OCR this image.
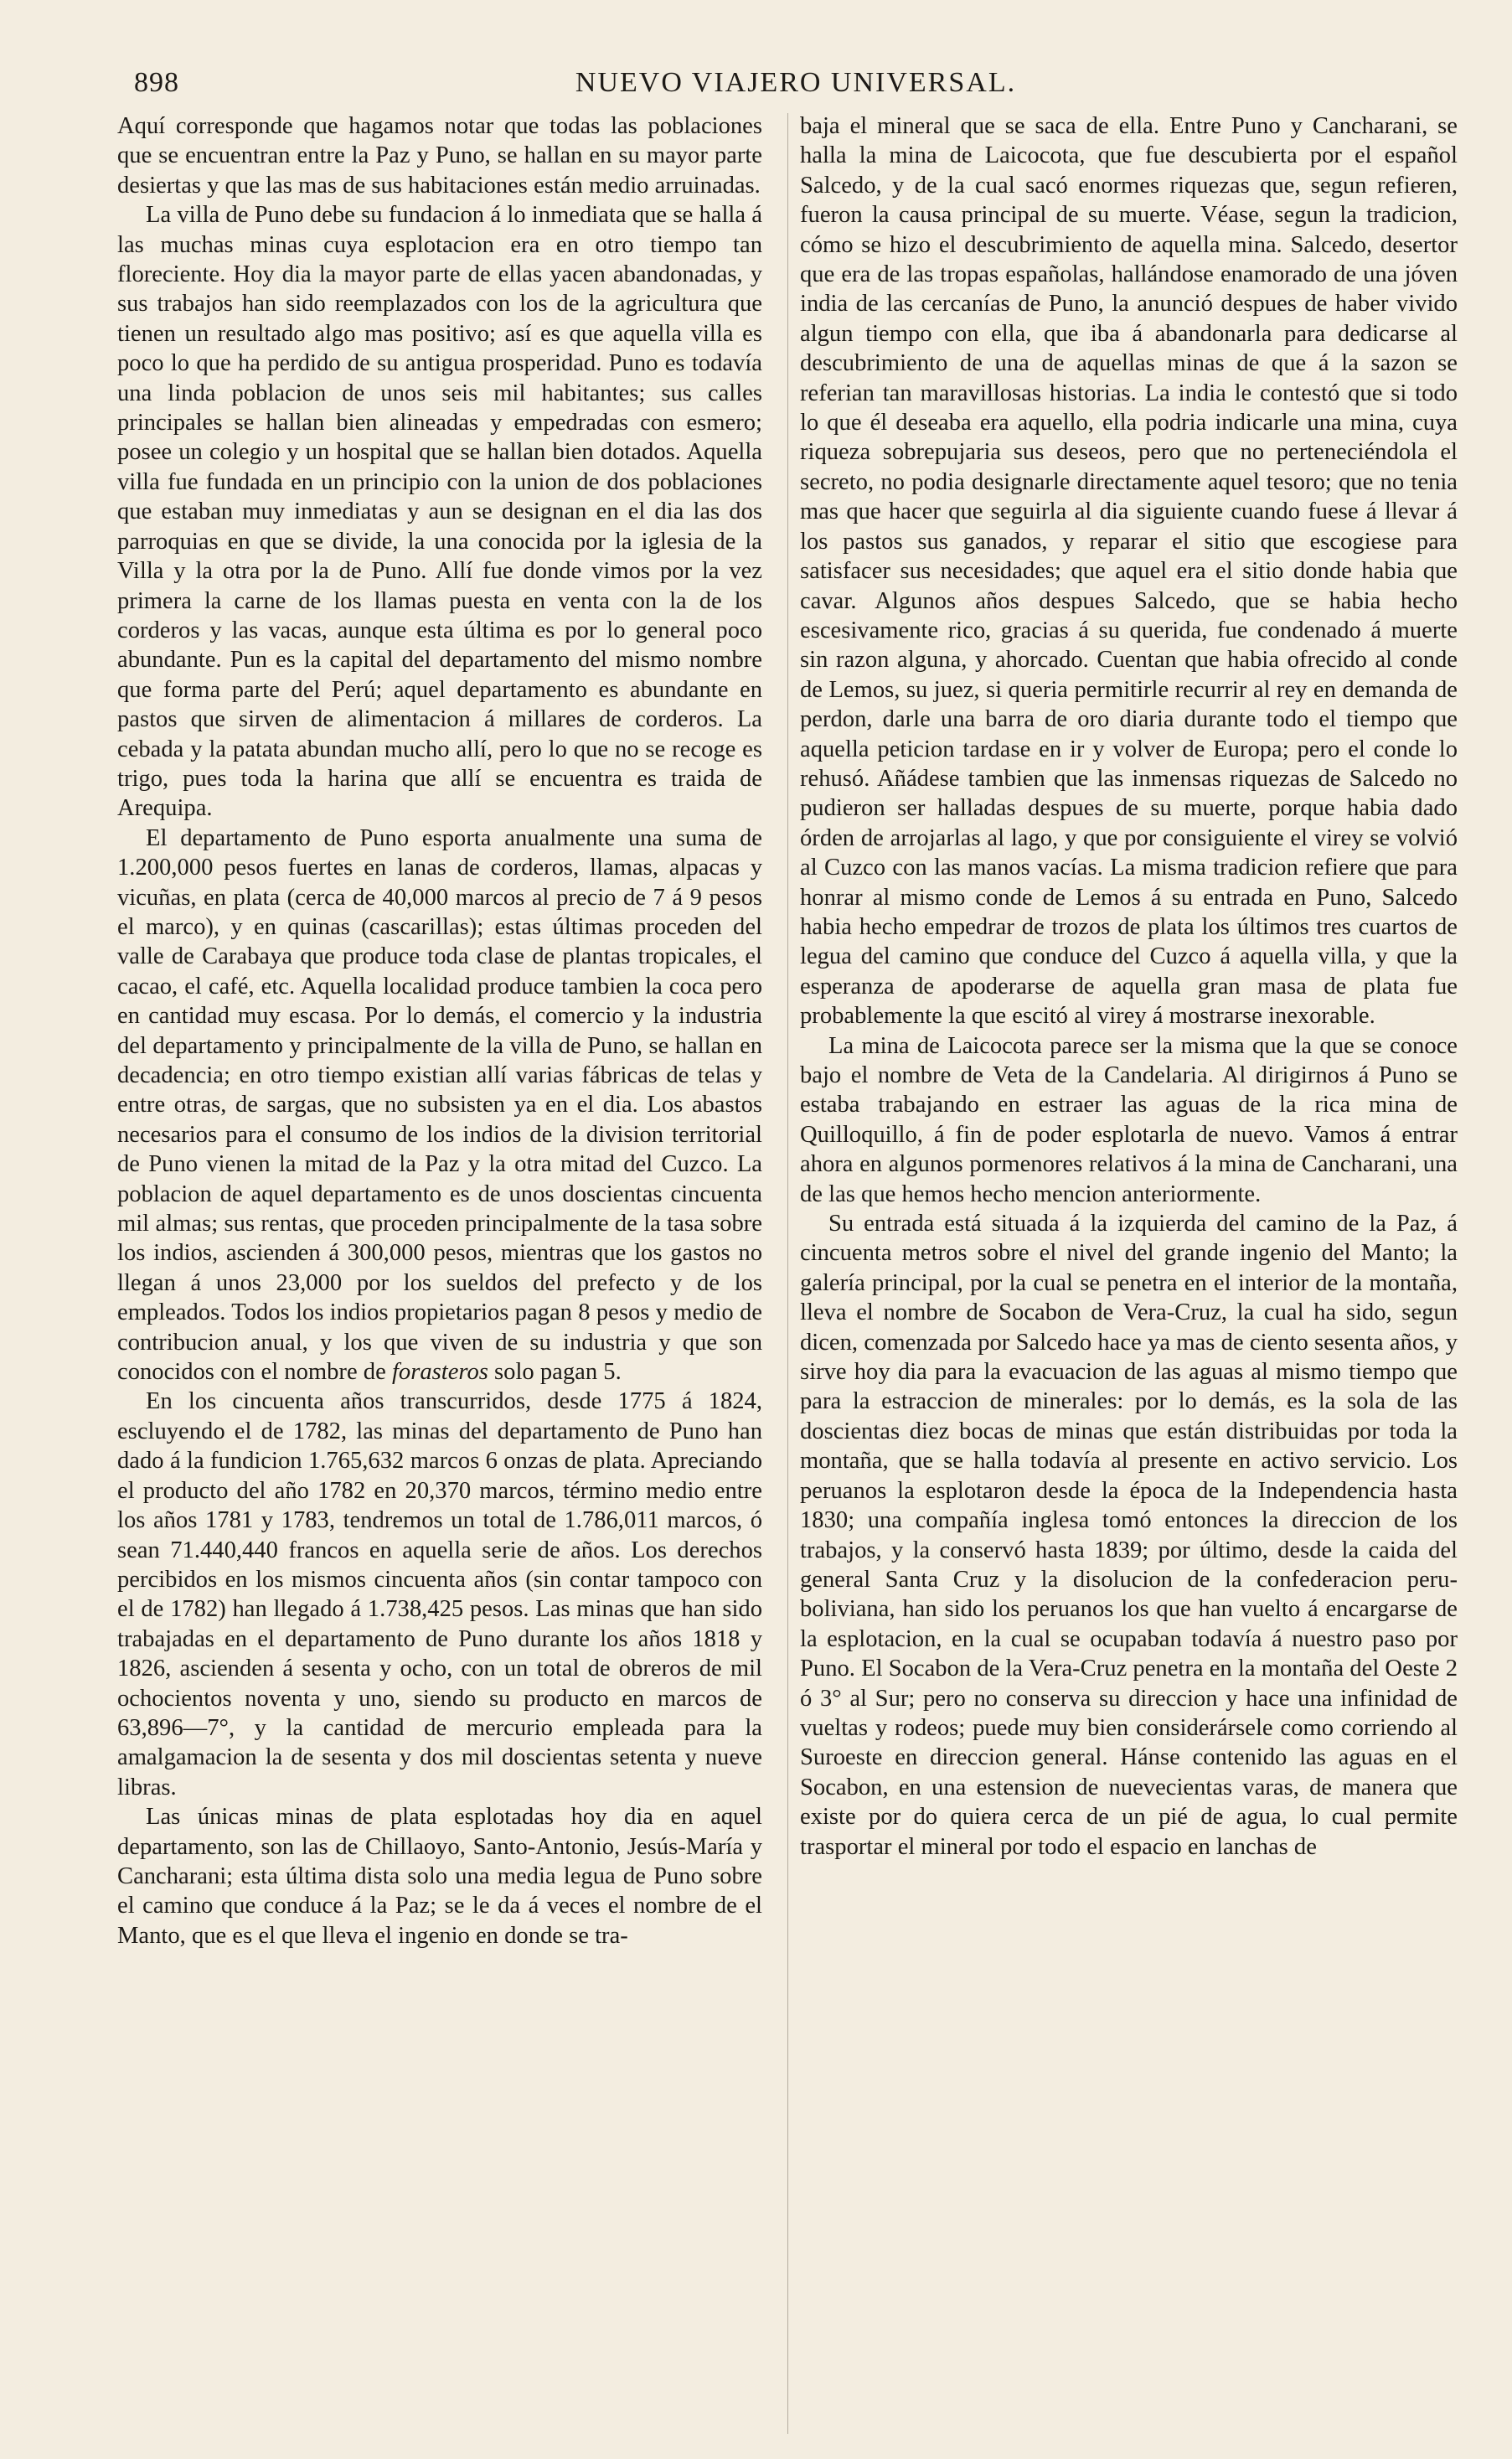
898	NUEVO VIAJERO UNIVERSAL.

Aquí corresponde que hagamos notar que todas las poblaciones que se encuentran entre la Paz y Puno, se hallan en su mayor parte desiertas y que las mas de sus habitaciones están medio arruinadas.

La villa de Puno debe su fundacion á lo inmediata que se halla á las muchas minas cuya esplotacion era en otro tiempo tan floreciente. Hoy dia la mayor parte de ellas yacen abandonadas, y sus trabajos han sido reemplazados con los de la agricultura que tienen un resultado algo mas positivo; así es que aquella villa es poco lo que ha perdido de su antigua prosperidad. Puno es todavía una linda poblacion de unos seis mil habitantes; sus calles principales se hallan bien alineadas y empedradas con esmero; posee un colegio y un hospital que se hallan bien dotados. Aquella villa fue fundada en un principio con la union de dos poblaciones que estaban muy inmediatas y aun se designan en el dia las dos parroquias en que se divide, la una conocida por la iglesia de la Villa y la otra por la de Puno. Allí fue donde vimos por la vez primera la carne de los llamas puesta en venta con la de los corderos y las vacas, aunque esta última es por lo general poco abundante. Pun es la capital del departamento del mismo nombre que forma parte del Perú; aquel departamento es abundante en pastos que sirven de alimentacion á millares de corderos. La cebada y la patata abundan mucho allí, pero lo que no se recoge es trigo, pues toda la harina que allí se encuentra es traida de Arequipa.

El departamento de Puno esporta anualmente una suma de 1.200,000 pesos fuertes en lanas de corderos, llamas, alpacas y vicuñas, en plata (cerca de 40,000 marcos al precio de 7 á 9 pesos el marco), y en quinas (cascarillas); estas últimas proceden del valle de Carabaya que produce toda clase de plantas tropicales, el cacao, el café, etc. Aquella localidad produce tambien la coca pero en cantidad muy escasa. Por lo demás, el comercio y la industria del departamento y principalmente de la villa de Puno, se hallan en decadencia; en otro tiempo existian allí varias fábricas de telas y entre otras, de sargas, que no subsisten ya en el dia. Los abastos necesarios para el consumo de los indios de la division territorial de Puno vienen la mitad de la Paz y la otra mitad del Cuzco. La poblacion de aquel departamento es de unos doscientas cincuenta mil almas; sus rentas, que proceden principalmente de la tasa sobre los indios, ascienden á 300,000 pesos, mientras que los gastos no llegan á unos 23,000 por los sueldos del prefecto y de los empleados. Todos los indios propietarios pagan 8 pesos y medio de contribucion anual, y los que viven de su industria y que son conocidos con el nombre de forasteros solo pagan 5.

En los cincuenta años transcurridos, desde 1775 á 1824, escluyendo el de 1782, las minas del departamento de Puno han dado á la fundicion 1.765,632 marcos 6 onzas de plata. Apreciando el producto del año 1782 en 20,370 marcos, término medio entre los años 1781 y 1783, tendremos un total de 1.786,011 marcos, ó sean 71.440,440 francos en aquella serie de años. Los derechos percibidos en los mismos cincuenta años (sin contar tampoco con el de 1782) han llegado á 1.738,425 pesos. Las minas que han sido trabajadas en el departamento de Puno durante los años 1818 y 1826, ascienden á sesenta y ocho, con un total de obreros de mil ochocientos noventa y uno, siendo su producto en marcos de 63,896—7°, y la cantidad de mercurio empleada para la amalgamacion la de sesenta y dos mil doscientas setenta y nueve libras.

Las únicas minas de plata esplotadas hoy dia en aquel departamento, son las de Chillaoyo, Santo-Antonio, Jesús-María y Cancharani; esta última dista solo una media legua de Puno sobre el camino que conduce á la Paz; se le da á veces el nombre de el Manto, que es el que lleva el ingenio en donde se tra-

baja el mineral que se saca de ella. Entre Puno y Cancharani, se halla la mina de Laicocota, que fue descubierta por el español Salcedo, y de la cual sacó enormes riquezas que, segun refieren, fueron la causa principal de su muerte. Véase, segun la tradicion, cómo se hizo el descubrimiento de aquella mina. Salcedo, desertor que era de las tropas españolas, hallándose enamorado de una jóven india de las cercanías de Puno, la anunció despues de haber vivido algun tiempo con ella, que iba á abandonarla para dedicarse al descubrimiento de una de aquellas minas de que á la sazon se referian tan maravillosas historias. La india le contestó que si todo lo que él deseaba era aquello, ella podria indicarle una mina, cuya riqueza sobrepujaria sus deseos, pero que no perteneciéndola el secreto, no podia designarle directamente aquel tesoro; que no tenia mas que hacer que seguirla al dia siguiente cuando fuese á llevar á los pastos sus ganados, y reparar el sitio que escogiese para satisfacer sus necesidades; que aquel era el sitio donde habia que cavar. Algunos años despues Salcedo, que se habia hecho escesivamente rico, gracias á su querida, fue condenado á muerte sin razon alguna, y ahorcado. Cuentan que habia ofrecido al conde de Lemos, su juez, si queria permitirle recurrir al rey en demanda de perdon, darle una barra de oro diaria durante todo el tiempo que aquella peticion tardase en ir y volver de Europa; pero el conde lo rehusó. Añádese tambien que las inmensas riquezas de Salcedo no pudieron ser halladas despues de su muerte, porque habia dado órden de arrojarlas al lago, y que por consiguiente el virey se volvió al Cuzco con las manos vacías. La misma tradicion refiere que para honrar al mismo conde de Lemos á su entrada en Puno, Salcedo habia hecho empedrar de trozos de plata los últimos tres cuartos de legua del camino que conduce del Cuzco á aquella villa, y que la esperanza de apoderarse de aquella gran masa de plata fue probablemente la que escitó al virey á mostrarse inexorable.

La mina de Laicocota parece ser la misma que la que se conoce bajo el nombre de Veta de la Candelaria. Al dirigirnos á Puno se estaba trabajando en estraer las aguas de la rica mina de Quilloquillo, á fin de poder esplotarla de nuevo. Vamos á entrar ahora en algunos pormenores relativos á la mina de Cancharani, una de las que hemos hecho mencion anteriormente.

Su entrada está situada á la izquierda del camino de la Paz, á cincuenta metros sobre el nivel del grande ingenio del Manto; la galería principal, por la cual se penetra en el interior de la montaña, lleva el nombre de Socabon de Vera-Cruz, la cual ha sido, segun dicen, comenzada por Salcedo hace ya mas de ciento sesenta años, y sirve hoy dia para la evacuacion de las aguas al mismo tiempo que para la estraccion de minerales: por lo demás, es la sola de las doscientas diez bocas de minas que están distribuidas por toda la montaña, que se halla todavía al presente en activo servicio. Los peruanos la esplotaron desde la época de la Independencia hasta 1830; una compañía inglesa tomó entonces la direccion de los trabajos, y la conservó hasta 1839; por último, desde la caida del general Santa Cruz y la disolucion de la confederacion peru-boliviana, han sido los peruanos los que han vuelto á encargarse de la esplotacion, en la cual se ocupaban todavía á nuestro paso por Puno. El Socabon de la Vera-Cruz penetra en la montaña del Oeste 2 ó 3° al Sur; pero no conserva su direccion y hace una infinidad de vueltas y rodeos; puede muy bien considerársele como corriendo al Suroeste en direccion general. Hánse contenido las aguas en el Socabon, en una estension de nuevecientas varas, de manera que existe por do quiera cerca de un pié de agua, lo cual permite trasportar el mineral por todo el espacio en lanchas de
